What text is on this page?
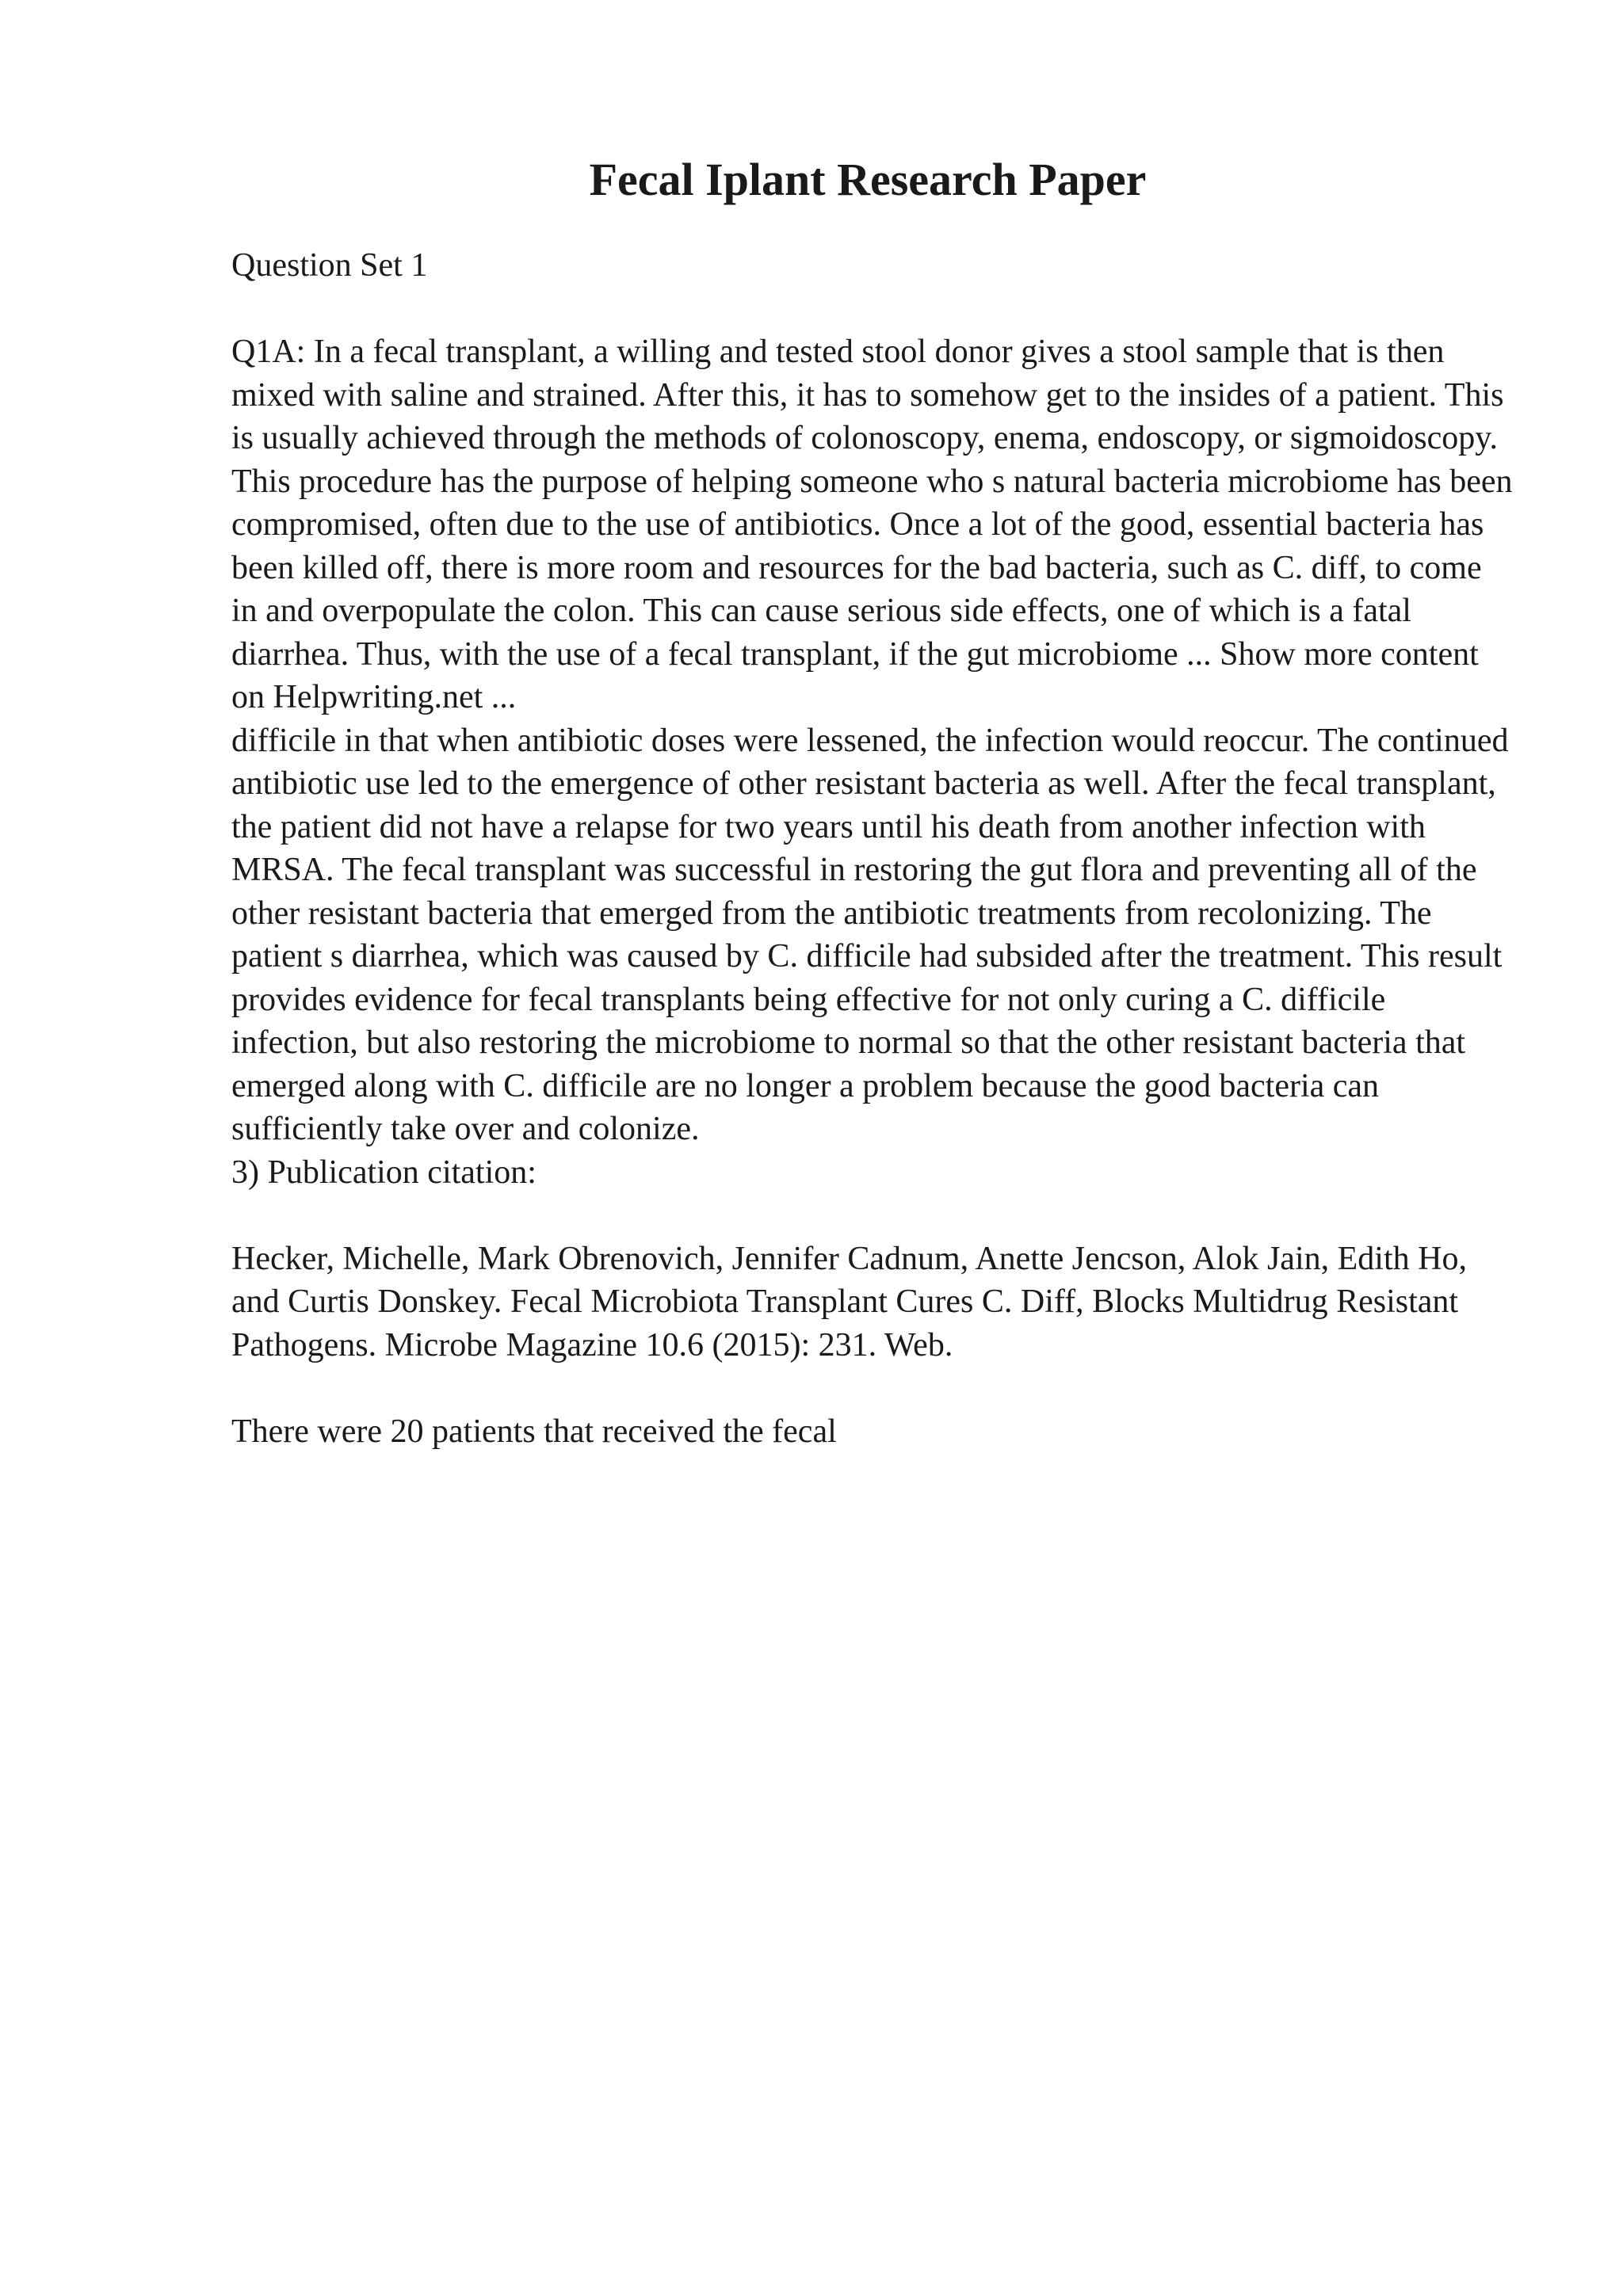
Fecal Iplant Research Paper

Question Set 1

Q1A: In a fecal transplant, a willing and tested stool donor gives a stool sample that is then mixed with saline and strained. After this, it has to somehow get to the insides of a patient. This is usually achieved through the methods of colonoscopy, enema, endoscopy, or sigmoidoscopy. This procedure has the purpose of helping someone who s natural bacteria microbiome has been compromised, often due to the use of antibiotics. Once a lot of the good, essential bacteria has been killed off, there is more room and resources for the bad bacteria, such as C. diff, to come in and overpopulate the colon. This can cause serious side effects, one of which is a fatal diarrhea. Thus, with the use of a fecal transplant, if the gut microbiome ... Show more content on Helpwriting.net ...

difficile in that when antibiotic doses were lessened, the infection would reoccur. The continued antibiotic use led to the emergence of other resistant bacteria as well. After the fecal transplant, the patient did not have a relapse for two years until his death from another infection with MRSA. The fecal transplant was successful in restoring the gut flora and preventing all of the other resistant bacteria that emerged from the antibiotic treatments from recolonizing. The patient s diarrhea, which was caused by C. difficile had subsided after the treatment. This result provides evidence for fecal transplants being effective for not only curing a C. difficile infection, but also restoring the microbiome to normal so that the other resistant bacteria that emerged along with C. difficile are no longer a problem because the good bacteria can sufficiently take over and colonize.

3) Publication citation:

Hecker, Michelle, Mark Obrenovich, Jennifer Cadnum, Anette Jencson, Alok Jain, Edith Ho, and Curtis Donskey. Fecal Microbiota Transplant Cures C. Diff, Blocks Multidrug Resistant Pathogens. Microbe Magazine 10.6 (2015): 231. Web.

There were 20 patients that received the fecal
